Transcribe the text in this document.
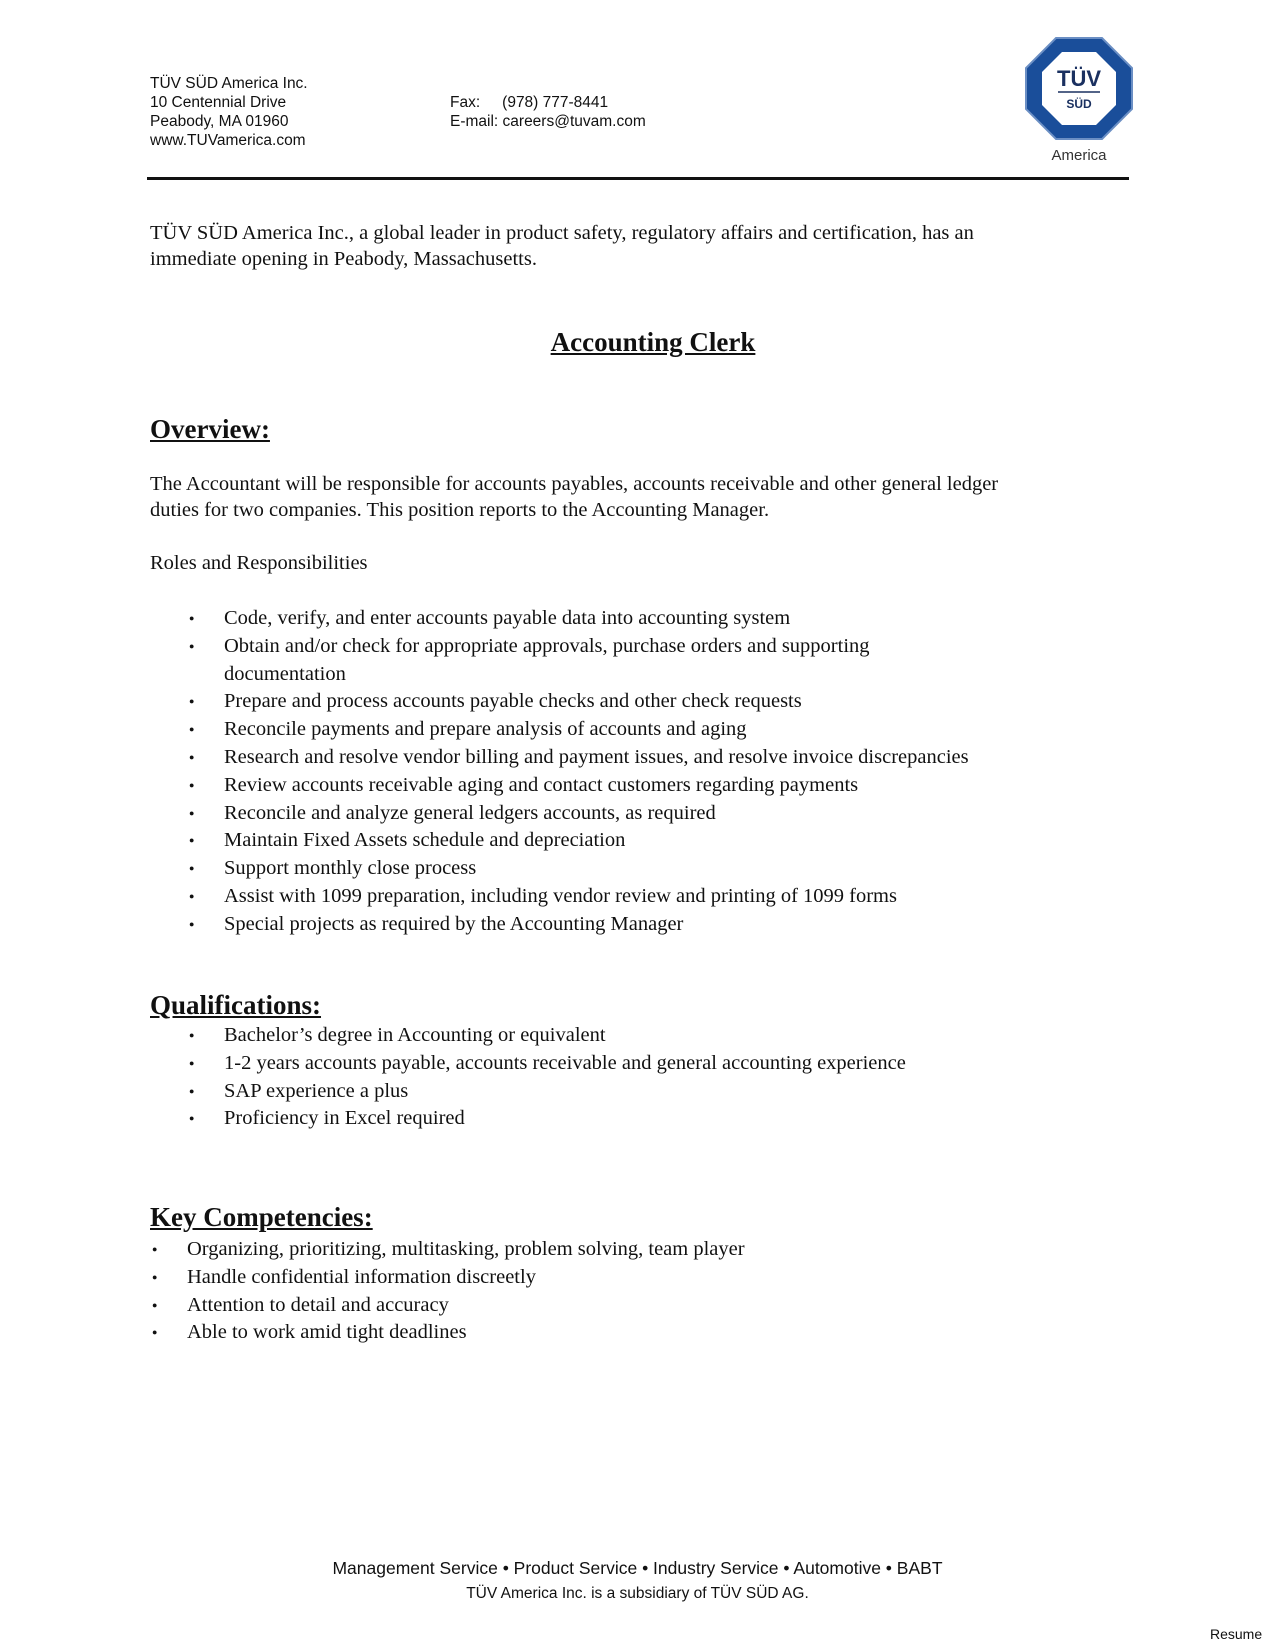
TÜV SÜD America Inc.
10 Centennial Drive
Peabody, MA 01960
www.TUVamerica.com
Fax: (978) 777-8441
E-mail: careers@tuvam.com
TÜV
SÜD
America
TÜV SÜD America Inc., a global leader in product safety, regulatory affairs and certification, has an
immediate opening in Peabody, Massachusetts.
Accounting Clerk
Overview:
The Accountant will be responsible for accounts payables, accounts receivable and other general ledger
duties for two companies. This position reports to the Accounting Manager.
Roles and Responsibilities
● Code, verify, and enter accounts payable data into accounting system
● Obtain and/or check for appropriate approvals, purchase orders and supporting
documentation
● Prepare and process accounts payable checks and other check requests
● Reconcile payments and prepare analysis of accounts and aging
● Research and resolve vendor billing and payment issues, and resolve invoice discrepancies
● Review accounts receivable aging and contact customers regarding payments
● Reconcile and analyze general ledgers accounts, as required
● Maintain Fixed Assets schedule and depreciation
● Support monthly close process
● Assist with 1099 preparation, including vendor review and printing of 1099 forms
● Special projects as required by the Accounting Manager
● Bachelor’s degree in Accounting or equivalent
● 1-2 years accounts payable, accounts receivable and general accounting experience
● SAP experience a plus
● Proficiency in Excel required
● Organizing, prioritizing, multitasking, problem solving, team player
● Handle confidential information discreetly
● Attention to detail and accuracy
● Able to work amid tight deadlines
Qualifications:
Key Competencies:
Management Service • Product Service • Industry Service • Automotive • BABT
TÜV America Inc. is a subsidiary of TÜV SÜD AG.
Resume
